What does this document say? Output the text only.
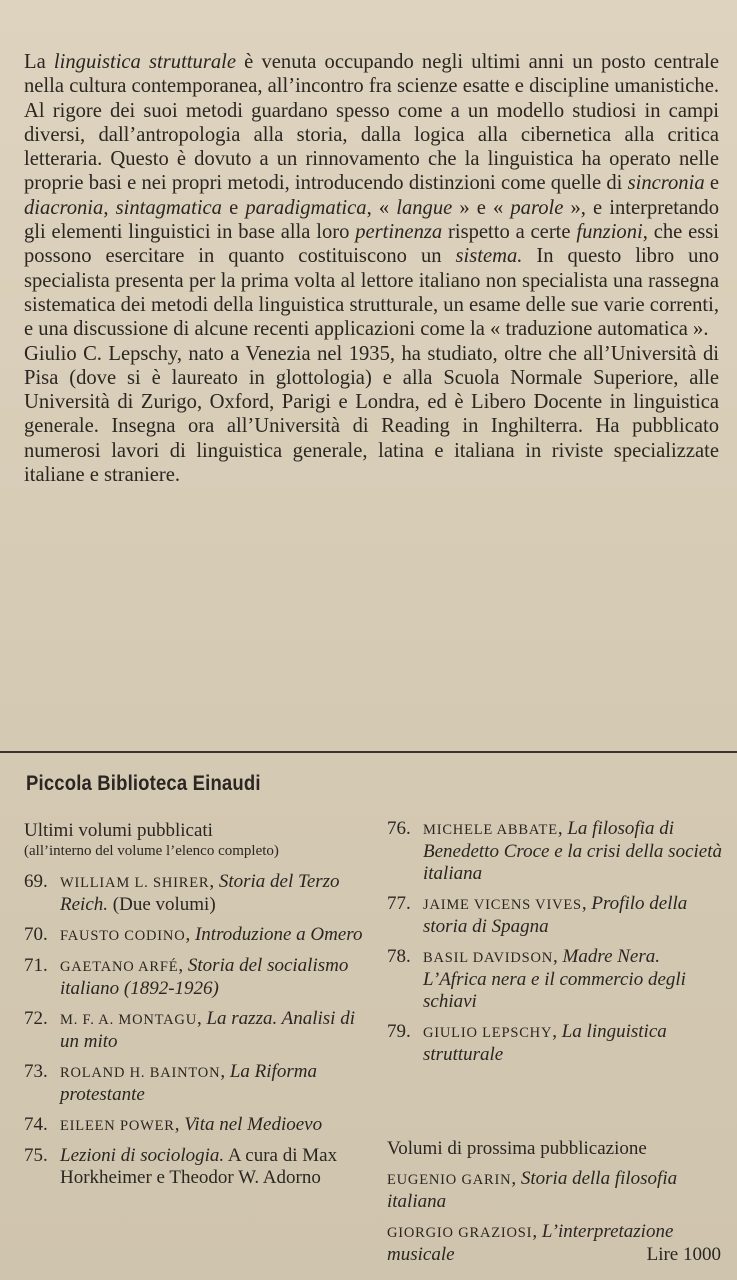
La linguistica strutturale è venuta occupando negli ultimi anni un posto centrale nella cultura contemporanea, all’incontro fra scienze esatte e discipline umanistiche. Al rigore dei suoi metodi guardano spesso come a un modello studiosi in campi diversi, dall’antropologia alla storia, dalla logica alla cibernetica alla critica letteraria. Questo è dovuto a un rinnovamento che la linguistica ha operato nelle proprie basi e nei propri metodi, introducendo distinzioni come quelle di sincronia e diacronia, sintagmatica e paradigmatica, « langue » e « parole », e interpretando gli elementi linguistici in base alla loro pertinenza rispetto a certe funzioni, che essi possono esercitare in quanto costituiscono un sistema. In questo libro uno specialista presenta per la prima volta al lettore italiano non specialista una rassegna sistematica dei metodi della linguistica strutturale, un esame delle sue varie correnti, e una discussione di alcune recenti applicazioni come la « traduzione automatica ».

Giulio C. Lepschy, nato a Venezia nel 1935, ha studiato, oltre che all’Università di Pisa (dove si è laureato in glottologia) e alla Scuola Normale Superiore, alle Università di Zurigo, Oxford, Parigi e Londra, ed è Libero Docente in linguistica generale. Insegna ora all’Università di Reading in Inghilterra. Ha pubblicato numerosi lavori di linguistica generale, latina e italiana in riviste specializzate italiane e straniere.

Piccola Biblioteca Einaudi
Ultimi volumi pubblicati
(all’interno del volume l’elenco completo)
69. WILLIAM L. SHIRER, Storia del Terzo Reich. (Due volumi)
70. FAUSTO CODINO, Introduzione a Omero
71. GAETANO ARFÉ, Storia del socialismo italiano (1892-1926)
72. M. F. A. MONTAGU, La razza. Analisi di un mito
73. ROLAND H. BAINTON, La Riforma protestante
74. EILEEN POWER, Vita nel Medioevo
75. Lezioni di sociologia. A cura di Max Horkheimer e Theodor W. Adorno
76. MICHELE ABBATE, La filosofia di Benedetto Croce e la crisi della società italiana
77. JAIME VICENS VIVES, Profilo della storia di Spagna
78. BASIL DAVIDSON, Madre Nera. L’Africa nera e il commercio degli schiavi
79. GIULIO LEPSCHY, La linguistica strutturale
Volumi di prossima pubblicazione
EUGENIO GARIN, Storia della filosofia italiana
GIORGIO GRAZIOSI, L’interpretazione musicale	Lire 1000
